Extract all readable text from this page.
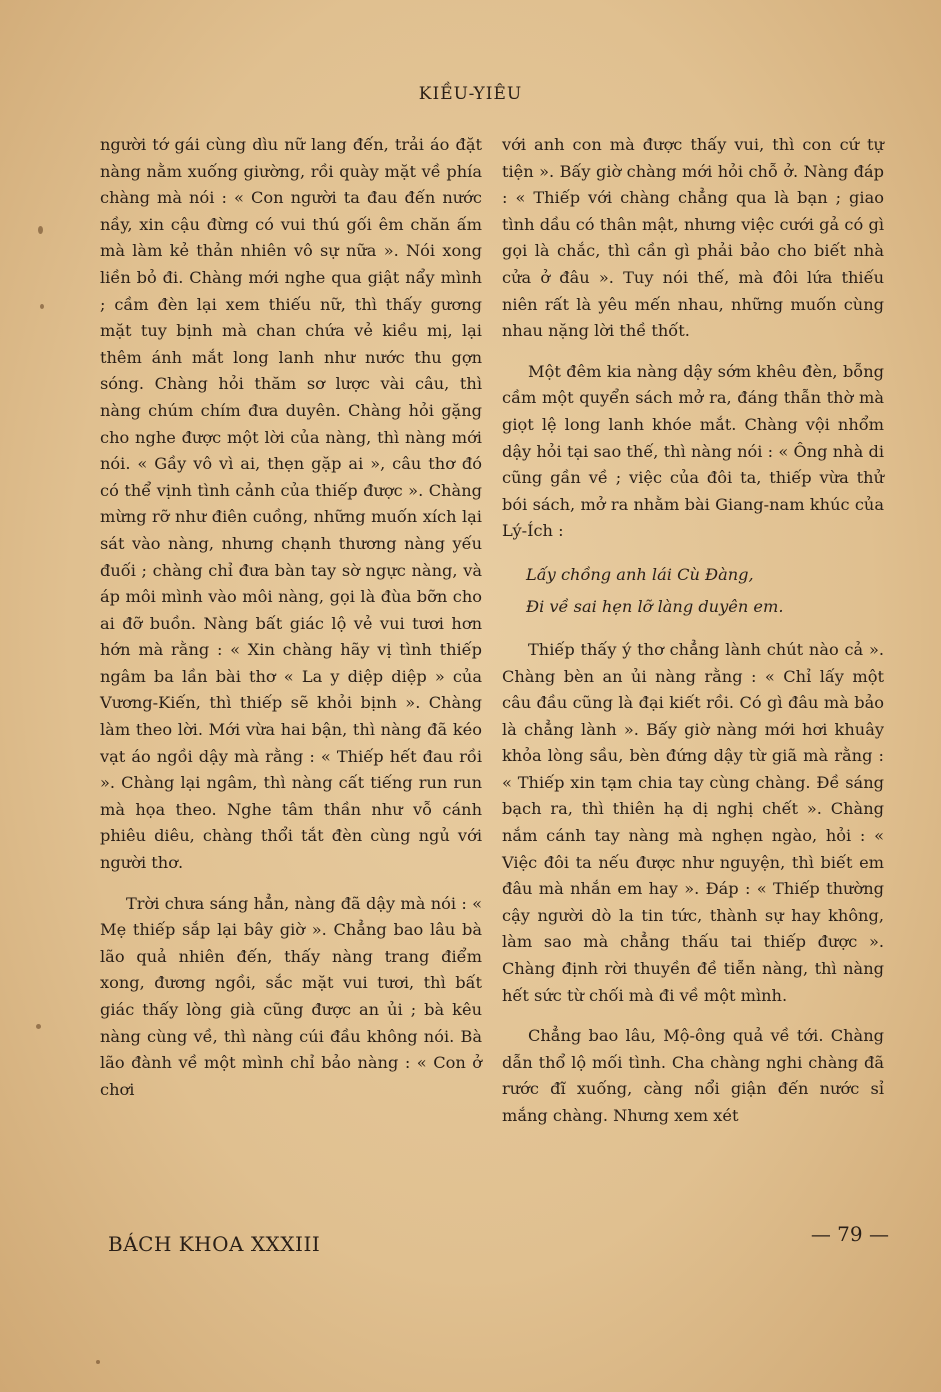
KIỀU-YIÊU

người tớ gái cùng dìu nữ lang đến, trải áo đặt nàng nằm xuống giường, rồi quày mặt về phía chàng mà nói : « Con người ta đau đến nước nầy, xin cậu đừng có vui thú gối êm chăn ấm mà làm kẻ thản nhiên vô sự nữa ». Nói xong liền bỏ đi. Chàng mới nghe qua giật nẩy mình ; cầm đèn lại xem thiếu nữ, thì thấy gương mặt tuy bịnh mà chan chứa vẻ kiều mị, lại thêm ánh mắt long lanh như nước thu gợn sóng. Chàng hỏi thăm sơ lược vài câu, thì nàng chúm chím đưa duyên. Chàng hỏi gặng cho nghe được một lời của nàng, thì nàng mới nói. « Gầy vô vì ai, thẹn gặp ai », câu thơ đó có thể vịnh tình cảnh của thiếp được ». Chàng mừng rỡ như điên cuồng, những muốn xích lại sát vào nàng, nhưng chạnh thương nàng yếu đuối ; chàng chỉ đưa bàn tay sờ ngực nàng, và áp môi mình vào môi nàng, gọi là đùa bỡn cho ai đỡ buồn. Nàng bất giác lộ vẻ vui tươi hơn hớn mà rằng : « Xin chàng hãy vị tình thiếp ngâm ba lần bài thơ « La y diệp diệp » của Vương-Kiến, thì thiếp sẽ khỏi bịnh ». Chàng làm theo lời. Mới vừa hai bận, thì nàng đã kéo vạt áo ngồi dậy mà rằng : « Thiếp hết đau rồi ». Chàng lại ngâm, thì nàng cất tiếng run run mà họa theo. Nghe tâm thần như vỗ cánh phiêu diêu, chàng thổi tắt đèn cùng ngủ với người thơ.

Trời chưa sáng hẳn, nàng đã dậy mà nói : « Mẹ thiếp sắp lại bây giờ ». Chẳng bao lâu bà lão quả nhiên đến, thấy nàng trang điểm xong, đương ngồi, sắc mặt vui tươi, thì bất giác thấy lòng già cũng được an ủi ; bà kêu nàng cùng về, thì nàng cúi đầu không nói. Bà lão đành về một mình chỉ bảo nàng : « Con ở chơi

với anh con mà được thấy vui, thì con cứ tự tiện ». Bấy giờ chàng mới hỏi chỗ ở. Nàng đáp : « Thiếp với chàng chẳng qua là bạn ; giao tình dầu có thân mật, nhưng việc cưới gả có gì gọi là chắc, thì cần gì phải bảo cho biết nhà cửa ở đâu ». Tuy nói thế, mà đôi lứa thiếu niên rất là yêu mến nhau, những muốn cùng nhau nặng lời thề thốt.

Một đêm kia nàng dậy sớm khêu đèn, bỗng cầm một quyển sách mở ra, đáng thẫn thờ mà giọt lệ long lanh khóe mắt. Chàng vội nhổm dậy hỏi tại sao thế, thì nàng nói : « Ông nhà di cũng gần về ; việc của đôi ta, thiếp vừa thử bói sách, mở ra nhằm bài Giang-nam khúc của Lý-Ích :

Lấy chồng anh lái Cù Đàng,
Đi về sai hẹn lỡ làng duyên em.

Thiếp thấy ý thơ chẳng lành chút nào cả ». Chàng bèn an ủi nàng rằng : « Chỉ lấy một câu đầu cũng là đại kiết rồi. Có gì đâu mà bảo là chẳng lành ». Bấy giờ nàng mới hơi khuây khỏa lòng sầu, bèn đứng dậy từ giã mà rằng : « Thiếp xin tạm chia tay cùng chàng. Đề sáng bạch ra, thì thiên hạ dị nghị chết ». Chàng nắm cánh tay nàng mà nghẹn ngào, hỏi : « Việc đôi ta nếu được như nguyện, thì biết em đâu mà nhắn em hay ». Đáp : « Thiếp thường cậy người dò la tin tức, thành sự hay không, làm sao mà chẳng thấu tai thiếp được ». Chàng định rời thuyền đề tiễn nàng, thì nàng hết sức từ chối mà đi về một mình.

Chẳng bao lâu, Mộ-ông quả về tới. Chàng dẫn thổ lộ mối tình. Cha chàng nghi chàng đã rước đĩ xuống, càng nổi giận đến nước sỉ mắng chàng. Nhưng xem xét

BÁCH KHOA XXXIII	— 79 —
